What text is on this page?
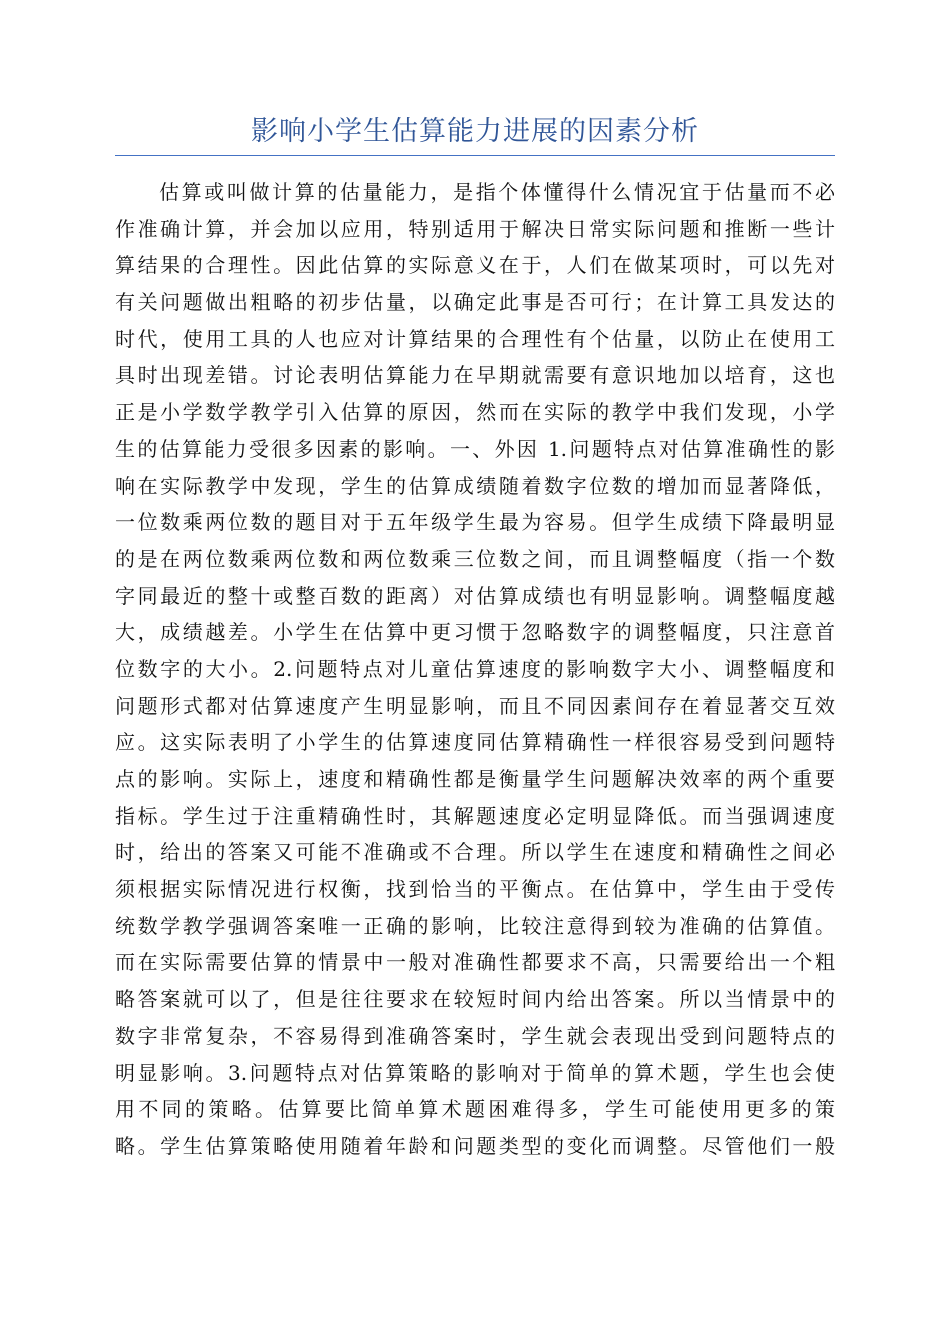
影响小学生估算能力进展的因素分析
估算或叫做计算的估量能力，是指个体懂得什么情况宜于估量而不必
作准确计算，并会加以应用，特别适用于解决日常实际问题和推断一些计
算结果的合理性。因此估算的实际意义在于，人们在做某项时，可以先对
有关问题做出粗略的初步估量，以确定此事是否可行；在计算工具发达的
时代，使用工具的人也应对计算结果的合理性有个估量，以防止在使用工
具时出现差错。讨论表明估算能力在早期就需要有意识地加以培育，这也
正是小学数学教学引入估算的原因，然而在实际的教学中我们发现，小学
生的估算能力受很多因素的影响。一、外因 1.问题特点对估算准确性的影
响在实际教学中发现，学生的估算成绩随着数字位数的增加而显著降低，
一位数乘两位数的题目对于五年级学生最为容易。但学生成绩下降最明显
的是在两位数乘两位数和两位数乘三位数之间，而且调整幅度（指一个数
字同最近的整十或整百数的距离）对估算成绩也有明显影响。调整幅度越
大，成绩越差。小学生在估算中更习惯于忽略数字的调整幅度，只注意首
位数字的大小。2.问题特点对儿童估算速度的影响数字大小、调整幅度和
问题形式都对估算速度产生明显影响，而且不同因素间存在着显著交互效
应。这实际表明了小学生的估算速度同估算精确性一样很容易受到问题特
点的影响。实际上，速度和精确性都是衡量学生问题解决效率的两个重要
指标。学生过于注重精确性时，其解题速度必定明显降低。而当强调速度
时，给出的答案又可能不准确或不合理。所以学生在速度和精确性之间必
须根据实际情况进行权衡，找到恰当的平衡点。在估算中，学生由于受传
统数学教学强调答案唯一正确的影响，比较注意得到较为准确的估算值。
而在实际需要估算的情景中一般对准确性都要求不高，只需要给出一个粗
略答案就可以了，但是往往要求在较短时间内给出答案。所以当情景中的
数字非常复杂，不容易得到准确答案时，学生就会表现出受到问题特点的
明显影响。3.问题特点对估算策略的影响对于简单的算术题，学生也会使
用不同的策略。估算要比简单算术题困难得多，学生可能使用更多的策
略。学生估算策略使用随着年龄和问题类型的变化而调整。尽管他们一般
